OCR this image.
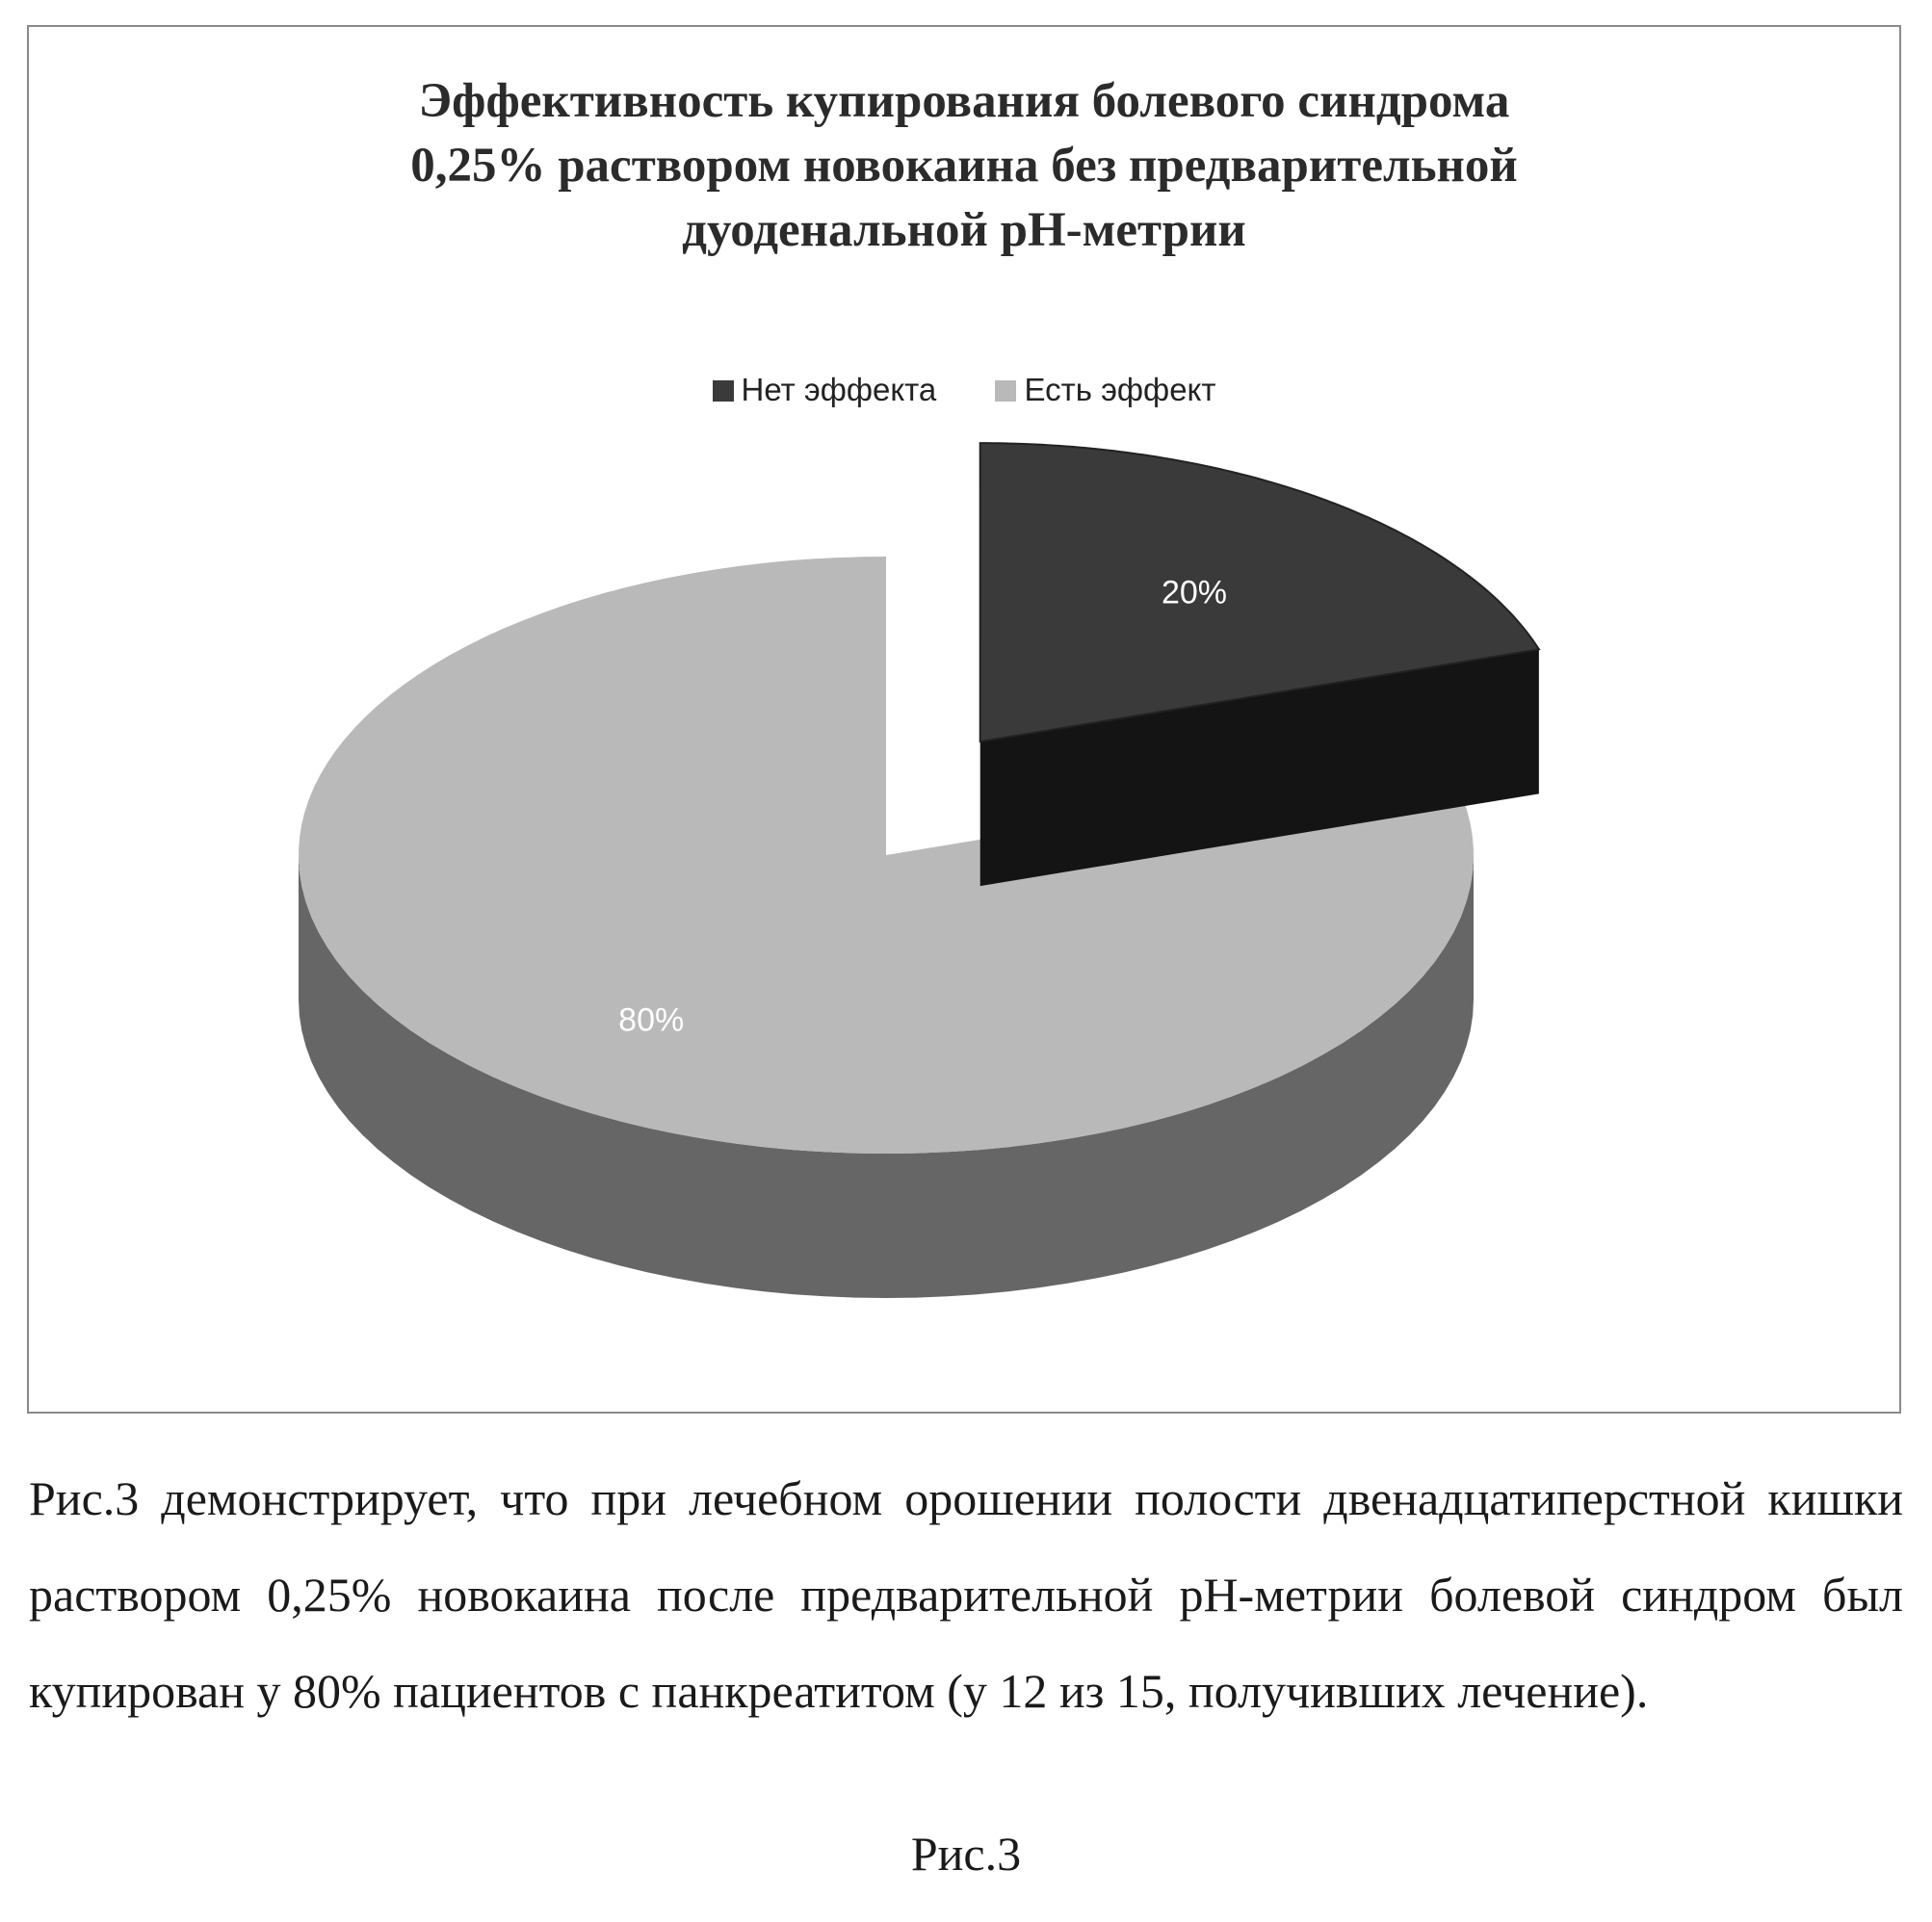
Эффективность купирования болевого синдрома
0,25% раствором новокаина без предварительной
дуоденальной pH-метрии
Нет эффекта	Есть эффект
20%
80%

Рис.3 демонстрирует, что при лечебном орошении полости двенадцатиперстной кишки раствором 0,25% новокаина после предварительной pH-метрии болевой синдром был купирован у 80% пациентов с панкреатитом (у 12 из 15, получивших лечение).

Рис.3
